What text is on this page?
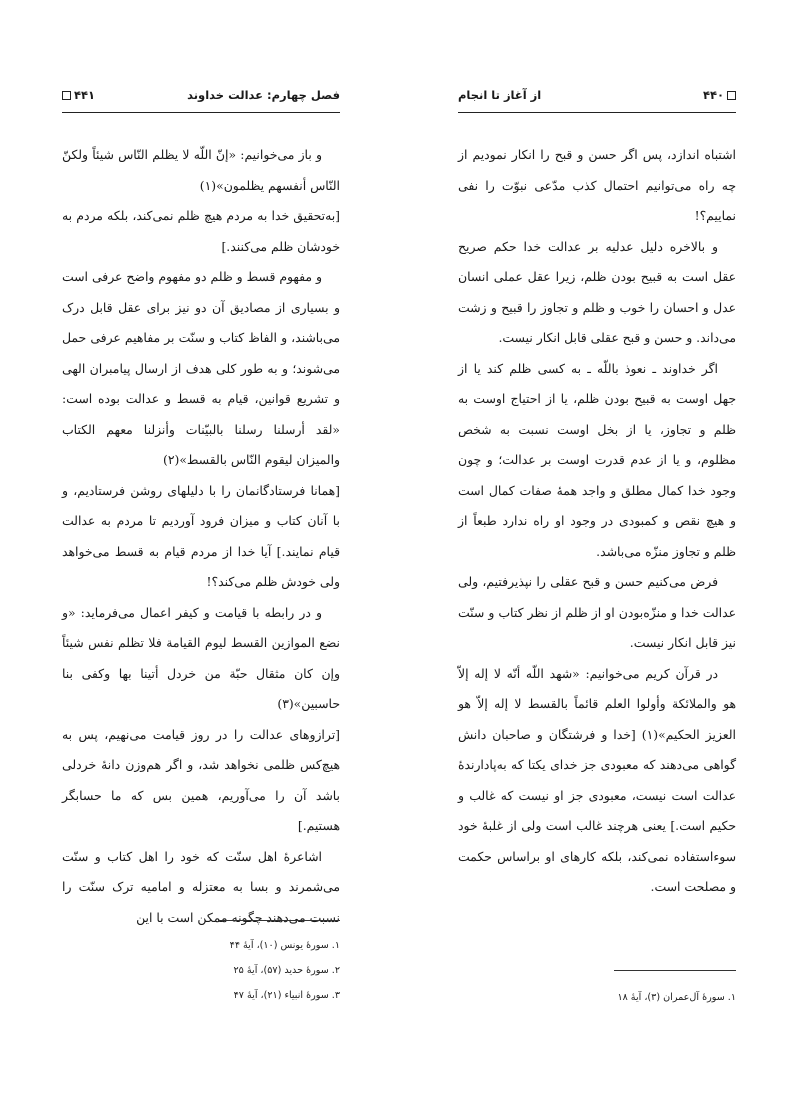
فصل چهارم: عدالت خداوند
۴۴۱

و باز می‌خوانیم: «إنّ اللّه لا یظلم النّاس شیئاً ولکنّ النّاس أنفسهم یظلمون»(۱)

[به‌تحقیق خدا به مردم هیچ ظلم نمی‌کند، بلکه مردم به خودشان ظلم می‌کنند.]

و مفهوم قسط و ظلم دو مفهوم واضح عرفی است و بسیاری از مصادیق آن دو نیز برای عقل قابل درک می‌باشند، و الفاظ کتاب و سنّت بر مفاهیم عرفی حمل می‌شوند؛ و به طور کلی هدف از ارسال پیامبران الهی و تشریع قوانین، قیام به قسط و عدالت بوده است: «لقد أرسلنا رسلنا بالبیّنات وأنزلنا معهم الکتاب والمیزان لیقوم النّاس بالقسط»(۲)

[همانا فرستادگانمان را با دلیلهای روشن فرستادیم، و با آنان کتاب و میزان فرود آوردیم تا مردم به عدالت قیام نمایند.] آیا خدا از مردم قیام به قسط می‌خواهد ولی خودش ظلم می‌کند؟!

و در رابطه با قیامت و کیفر اعمال می‌فرماید: «و نضع الموازین القسط لیوم القیامة فلا تظلم نفس شیئاً وإن کان مثقال حبّة من خردل أتینا بها وکفی بنا حاسبین»(۳)

[ترازوهای عدالت را در روز قیامت می‌نهیم، پس به هیچ‌کس ظلمی نخواهد شد، و اگر هم‌وزن دانهٔ خردلی باشد آن را می‌آوریم، همین بس که ما حسابگر هستیم.]

اشاعرهٔ اهل سنّت که خود را اهل کتاب و سنّت می‌شمرند و بسا به معتزله و امامیه ترک سنّت را نسبت می‌دهند چگونه ممکن است با این

۱. سورهٔ یونس (۱۰)، آیهٔ ۴۴
۲. سورهٔ حدید (۵۷)، آیهٔ ۲۵
۳. سورهٔ انبیاء (۲۱)، آیهٔ ۴۷
۴۴۰
از آغاز تا انجام

اشتباه اندازد، پس اگر حسن و قبح را انکار نمودیم از چه راه می‌توانیم احتمال کذب مدّعی نبوّت را نفی نماییم؟!

و بالاخره دلیل عدلیه بر عدالت خدا حکم صریح عقل است به قبیح بودن ظلم، زیرا عقل عملی انسان عدل و احسان را خوب و ظلم و تجاوز را قبیح و زشت می‌داند. و حسن و قبح عقلی قابل انکار نیست.

اگر خداوند ـ نعوذ باللّه ـ به کسی ظلم کند یا از جهل اوست به قبیح بودن ظلم، یا از احتیاج اوست به ظلم و تجاوز، یا از بخل اوست نسبت به شخص مظلوم، و یا از عدم قدرت اوست بر عدالت؛ و چون وجود خدا کمال مطلق و واجد همهٔ صفات کمال است و هیچ نقص و کمبودی در وجود او راه ندارد طبعاً از ظلم و تجاوز منزّه می‌باشد.

فرض می‌کنیم حسن و قبح عقلی را نپذیرفتیم، ولی عدالت خدا و منزّه‌بودن او از ظلم از نظر کتاب و سنّت نیز قابل انکار نیست.

در قرآن کریم می‌خوانیم: «شهد اللّه أنّه لا إله إلاّ هو والملائکة وأولوا العلم قائماً بالقسط لا إله إلاّ هو العزیز الحکیم»(۱) [خدا و فرشتگان و صاحبان دانش گواهی می‌دهند که معبودی جز خدای یکتا که به‌پادارندهٔ عدالت است نیست، معبودی جز او نیست که غالب و حکیم است.] یعنی هرچند غالب است ولی از غلبهٔ خود سوءاستفاده نمی‌کند، بلکه کارهای او براساس حکمت و مصلحت است.

۱. سورهٔ آل‌عمران (۳)، آیهٔ ۱۸
